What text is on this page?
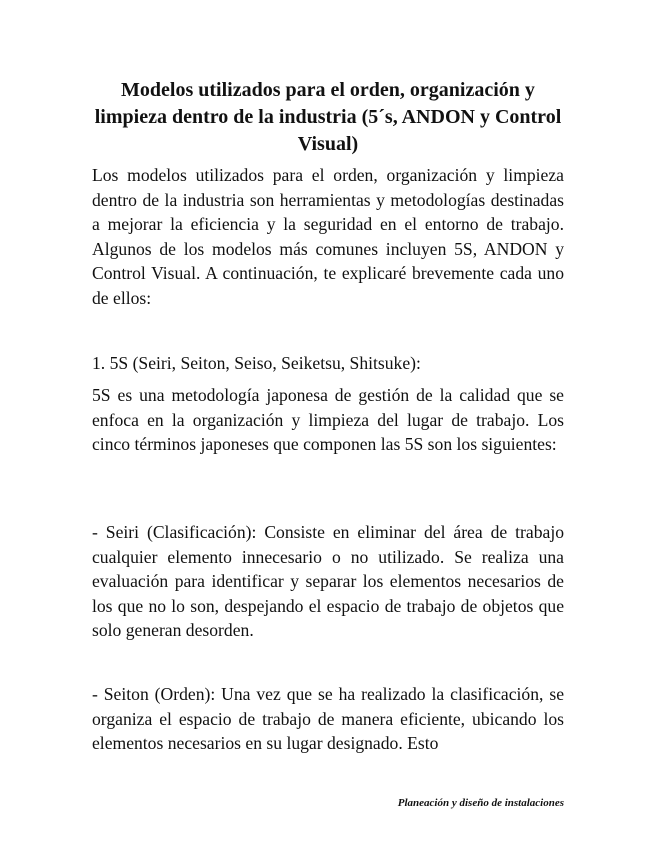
Modelos utilizados para el orden, organización y limpieza dentro de la industria (5´s, ANDON y Control Visual)

Los modelos utilizados para el orden, organización y limpieza dentro de la industria son herramientas y metodologías destinadas a mejorar la eficiencia y la seguridad en el entorno de trabajo. Algunos de los modelos más comunes incluyen 5S, ANDON y Control Visual. A continuación, te explicaré brevemente cada uno de ellos:

1. 5S (Seiri, Seiton, Seiso, Seiketsu, Shitsuke):

5S es una metodología japonesa de gestión de la calidad que se enfoca en la organización y limpieza del lugar de trabajo. Los cinco términos japoneses que componen las 5S son los siguientes:

- Seiri (Clasificación): Consiste en eliminar del área de trabajo cualquier elemento innecesario o no utilizado. Se realiza una evaluación para identificar y separar los elementos necesarios de los que no lo son, despejando el espacio de trabajo de objetos que solo generan desorden.

- Seiton (Orden): Una vez que se ha realizado la clasificación, se organiza el espacio de trabajo de manera eficiente, ubicando los elementos necesarios en su lugar designado. Esto

Planeación y diseño de instalaciones
